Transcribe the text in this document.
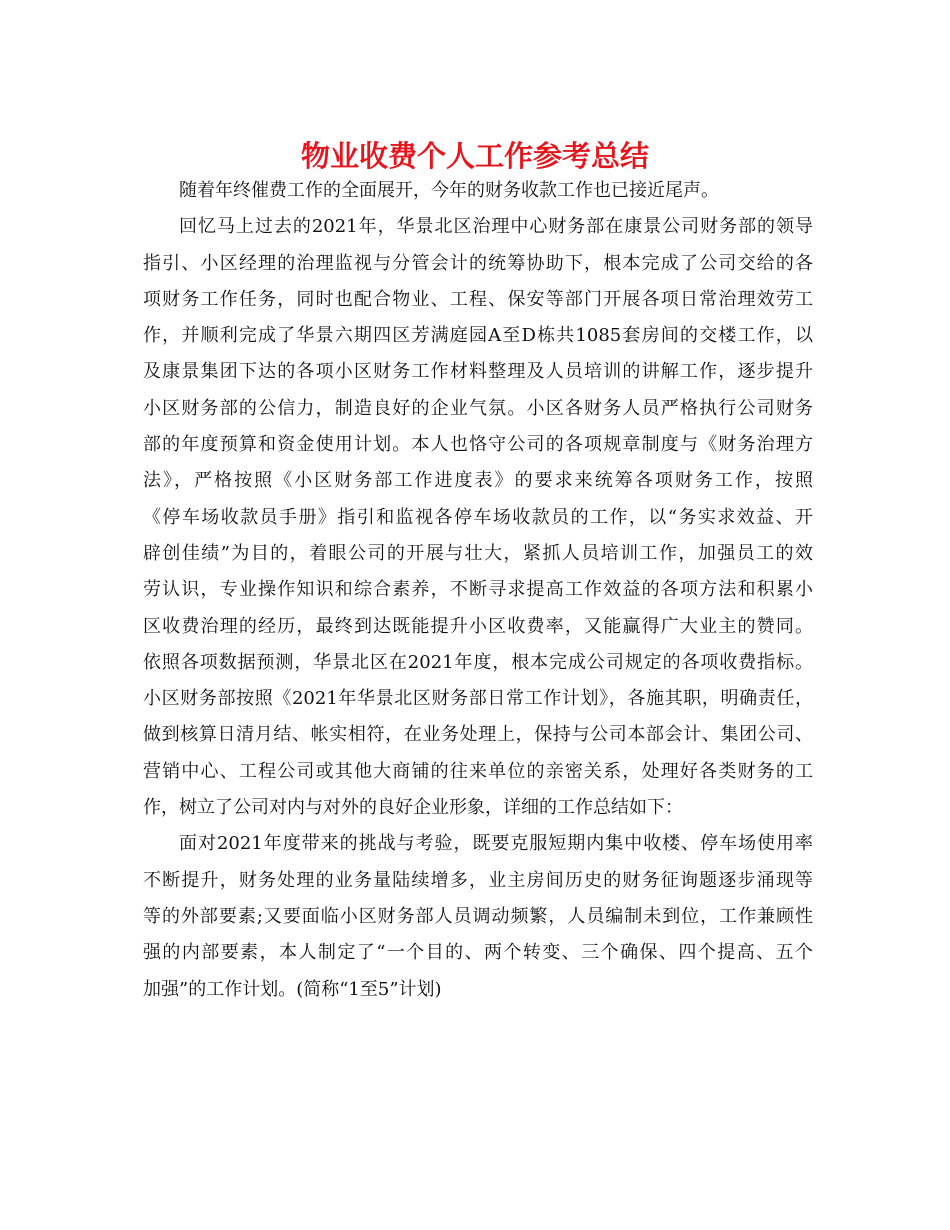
物业收费个人工作参考总结
随着年终催费工作的全面展开，今年的财务收款工作也已接近尾声。
回忆马上过去的2021年，华景北区治理中心财务部在康景公司财务部的领导
指引、小区经理的治理监视与分管会计的统筹协助下，根本完成了公司交给的各
项财务工作任务，同时也配合物业、工程、保安等部门开展各项日常治理效劳工
作，并顺利完成了华景六期四区芳满庭园A至D栋共1085套房间的交楼工作，以
及康景集团下达的各项小区财务工作材料整理及人员培训的讲解工作，逐步提升
小区财务部的公信力，制造良好的企业气氛。小区各财务人员严格执行公司财务
部的年度预算和资金使用计划。本人也恪守公司的各项规章制度与《财务治理方
法》，严格按照《小区财务部工作进度表》的要求来统筹各项财务工作，按照
《停车场收款员手册》指引和监视各停车场收款员的工作，以“务实求效益、开
辟创佳绩”为目的，着眼公司的开展与壮大，紧抓人员培训工作，加强员工的效
劳认识，专业操作知识和综合素养，不断寻求提高工作效益的各项方法和积累小
区收费治理的经历，最终到达既能提升小区收费率，又能赢得广大业主的赞同。
依照各项数据预测，华景北区在2021年度，根本完成公司规定的各项收费指标。
小区财务部按照《2021年华景北区财务部日常工作计划》，各施其职，明确责任，
做到核算日清月结、帐实相符，在业务处理上，保持与公司本部会计、集团公司、
营销中心、工程公司或其他大商铺的往来单位的亲密关系，处理好各类财务的工
作，树立了公司对内与对外的良好企业形象，详细的工作总结如下：
面对2021年度带来的挑战与考验，既要克服短期内集中收楼、停车场使用率
不断提升，财务处理的业务量陆续增多，业主房间历史的财务征询题逐步涌现等
等的外部要素;又要面临小区财务部人员调动频繁，人员编制未到位，工作兼顾性
强的内部要素，本人制定了“一个目的、两个转变、三个确保、四个提高、五个
加强”的工作计划。(简称“1至5”计划)
